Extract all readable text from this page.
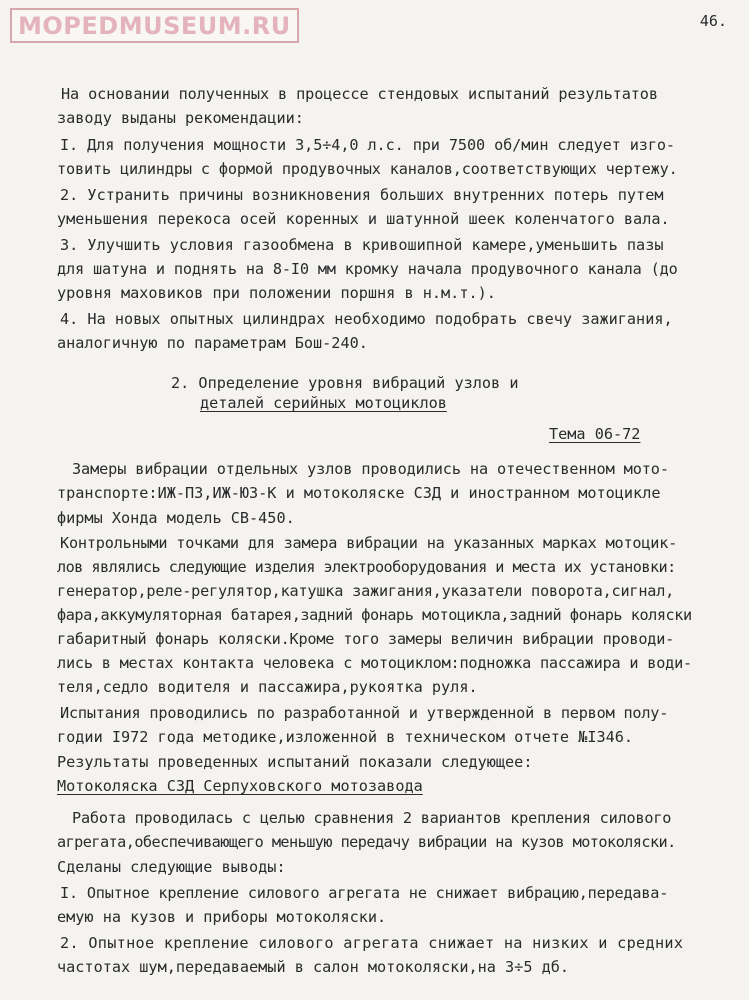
MOPEDMUSEUM.RU	46.
На основании полученных в процессе стендовых испытаний результатов
заводу выданы рекомендации:
I. Для получения мощности 3,5÷4,0 л.с. при 7500 об/мин следует изго-
товить цилиндры с формой продувочных каналов,соответствующих чертежу.
2. Устранить причины возникновения больших внутренних потерь путем
уменьшения перекоса осей коренных и шатунной шеек коленчатого вала.
3. Улучшить условия газообмена в кривошипной камере,уменьшить пазы
для шатуна и поднять на 8-I0 мм кромку начала продувочного канала (до
уровня маховиков при положении поршня в н.м.т.).
4. На новых опытных цилиндрах необходимо подобрать свечу зажигания,
аналогичную по параметрам Бош-240.
2. Определение уровня вибраций узлов и
деталей серийных мотоциклов
Тема 06-72
Замеры вибрации отдельных узлов проводились на отечественном мото-
транспорте:ИЖ-ПЗ,ИЖ-ЮЗ-К и мотоколяске СЗД и иностранном мотоцикле
фирмы Хонда модель СВ-450.
Контрольными точками для замера вибрации на указанных марках мотоцик-
лов являлись следующие изделия электрооборудования и места их установки:
генератор,реле-регулятор,катушка зажигания,указатели поворота,сигнал,
фара,аккумуляторная батарея,задний фонарь мотоцикла,задний фонарь коляски
габаритный фонарь коляски.Кроме того замеры величин вибрации проводи-
лись в местах контакта человека с мотоциклом:подножка пассажира и води-
теля,седло водителя и пассажира,рукоятка руля.
Испытания проводились по разработанной и утвержденной в первом полу-
годии I972 года методике,изложенной в техническом отчете №I346.
Результаты проведенных испытаний показали следующее:
Мотоколяска СЗД Серпуховского мотозавода
Работа проводилась с целью сравнения 2 вариантов крепления силового
агрегата,обеспечивающего меньшую передачу вибрации на кузов мотоколяски.
Сделаны следующие выводы:
I. Опытное крепление силового агрегата не снижает вибрацию,передава-
емую на кузов и приборы мотоколяски.
2. Опытное крепление силового агрегата снижает на низких и средних
частотах шум,передаваемый в салон мотоколяски,на 3÷5 дб.
